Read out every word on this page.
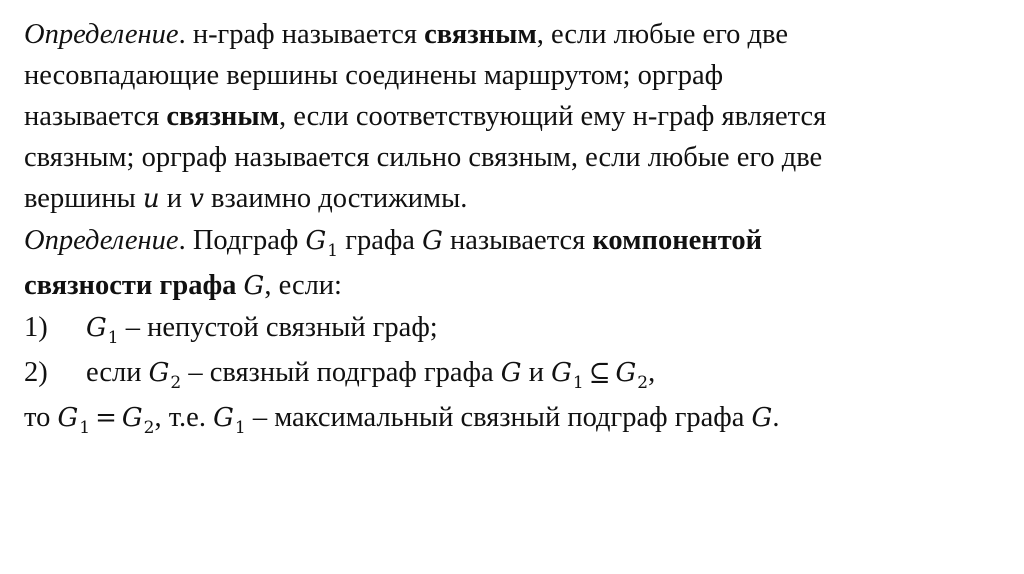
Определение. н-граф называется связным, если любые его две
несовпадающие вершины соединены маршрутом; орграф
называется связным, если соответствующий ему н-граф является
связным; орграф называется сильно связным, если любые его две
вершины u и v взаимно достижимы.
Определение. Подграф $G_1$ графа G называется компонентой
связности графа G, если:
1) $G_1$ – непустой связный граф;
2) если $G_2$ – связный подграф графа G и $G_1$ ⊆ $G_2$,
то $G_1 = G_2$, т.е. $G_1$ – максимальный связный подграф графа G.
